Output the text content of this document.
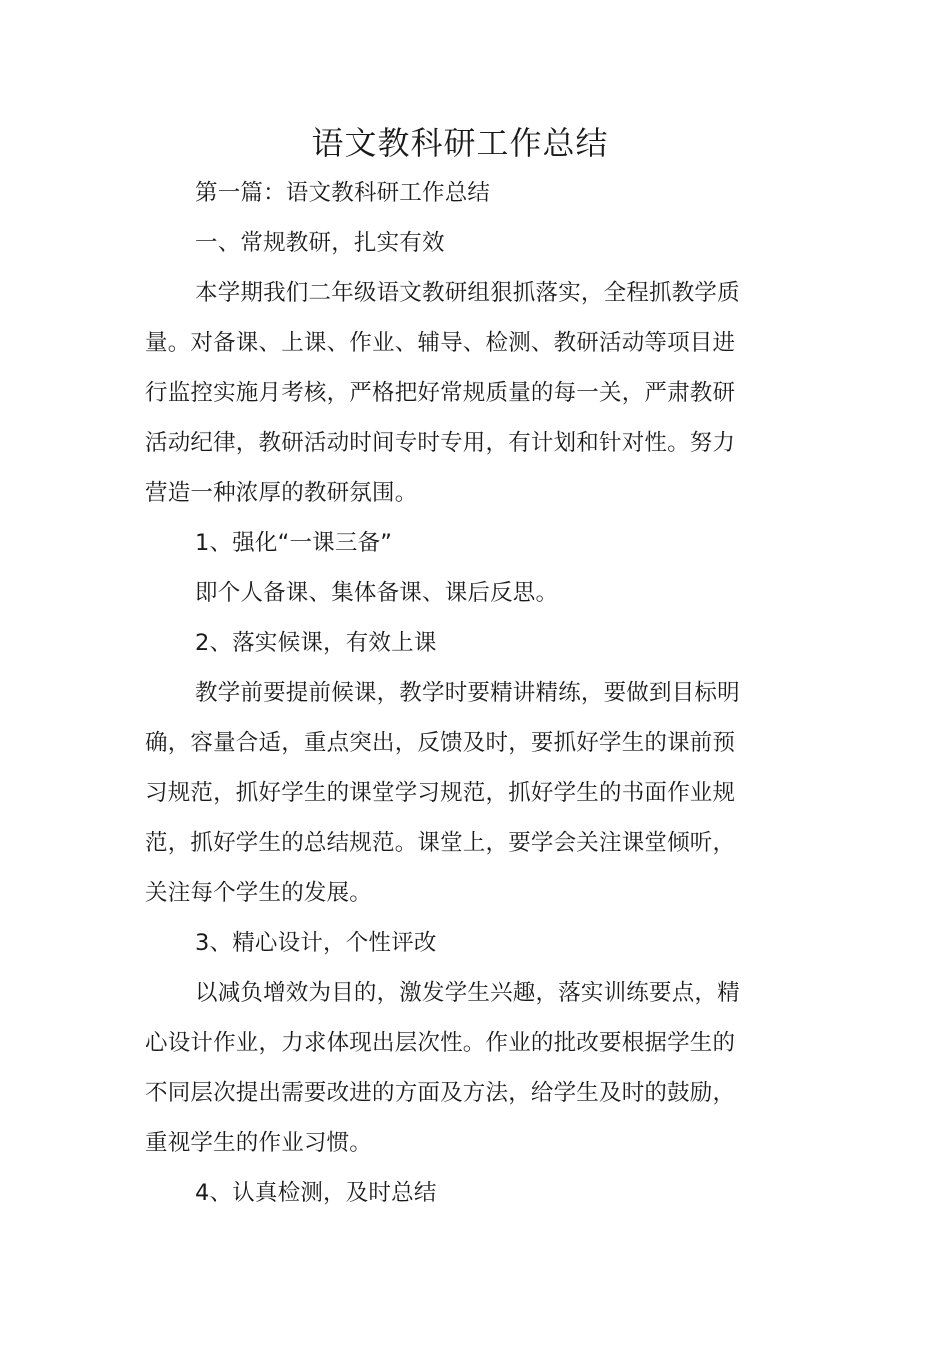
语文教科研工作总结
第一篇：语文教科研工作总结
一、常规教研，扎实有效
本学期我们二年级语文教研组狠抓落实，全程抓教学质
量。对备课、上课、作业、辅导、检测、教研活动等项目进
行监控实施月考核，严格把好常规质量的每一关，严肃教研
活动纪律，教研活动时间专时专用，有计划和针对性。努力
营造一种浓厚的教研氛围。
1、强化“一课三备”
即个人备课、集体备课、课后反思。
2、落实候课，有效上课
教学前要提前候课，教学时要精讲精练，要做到目标明
确，容量合适，重点突出，反馈及时，要抓好学生的课前预
习规范，抓好学生的课堂学习规范，抓好学生的书面作业规
范，抓好学生的总结规范。课堂上，要学会关注课堂倾听，
关注每个学生的发展。
3、精心设计，个性评改
以减负增效为目的，激发学生兴趣，落实训练要点，精
心设计作业，力求体现出层次性。作业的批改要根据学生的
不同层次提出需要改进的方面及方法，给学生及时的鼓励，
重视学生的作业习惯。
4、认真检测，及时总结
